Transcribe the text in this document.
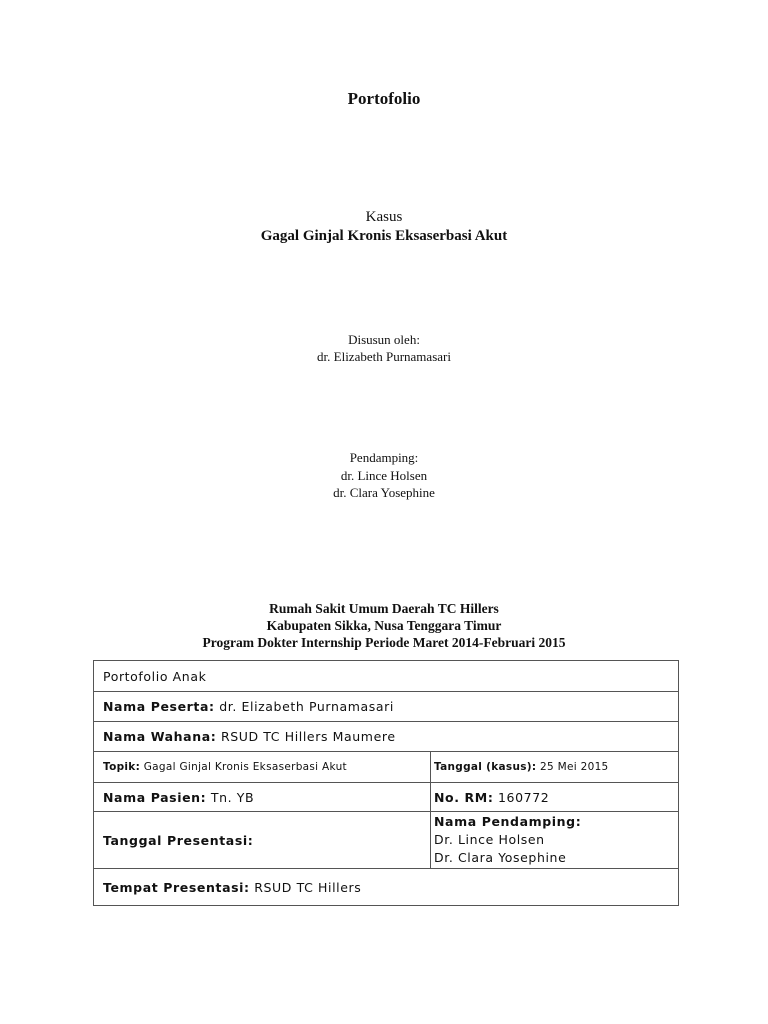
Portofolio
Kasus
Gagal Ginjal Kronis Eksaserbasi Akut
Disusun oleh:
dr. Elizabeth Purnamasari
Pendamping:
dr. Lince Holsen
dr. Clara Yosephine
Rumah Sakit Umum Daerah TC Hillers
Kabupaten Sikka, Nusa Tenggara Timur
Program Dokter Internship Periode Maret 2014-Februari 2015
Portofolio Anak
Nama Peserta:
dr. Elizabeth Purnamasari
Nama Wahana:
RSUD TC Hillers Maumere
Topik:
Gagal Ginjal Kronis Eksaserbasi Akut	Tanggal (kasus):
25 Mei 2015
Nama Pasien:
Tn. YB	No. RM:
160772
Tanggal Presentasi:
Nama Pendamping:
Dr. Lince Holsen
Dr. Clara Yosephine
Tempat Presentasi:
RSUD TC Hillers
